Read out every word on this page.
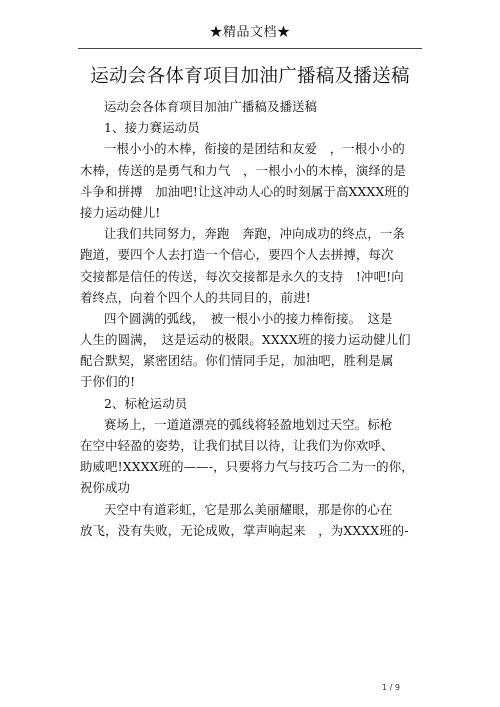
★精品文档★
运动会各体育项目加油广播稿及播送稿
运动会各体育项目加油广播稿及播送稿
1、接力赛运动员
一根小小的木棒，衔接的是团结和友爱　，一根小小的
木棒，传送的是勇气和力气　，一根小小的木棒，演绎的是
斗争和拼搏　加油吧!让这冲动人心的时刻属于高XXXX班的
接力运动健儿!
让我们共同努力，奔跑　奔跑，冲向成功的终点，一条
跑道，要四个人去打造一个信心，要四个人去拼搏，每次
交接都是信任的传送，每次交接都是永久的支持　!冲吧!向
着终点，向着个四个人的共同目的，前进!
四个圆满的弧线，　被一根小小的接力棒衔接。　这是
人生的圆满，　这是运动的极限。XXXX班的接力运动健儿们
配合默契，紧密团结。你们情同手足，加油吧，胜利是属
于你们的!
2、标枪运动员
赛场上，一道道漂亮的弧线将轻盈地划过天空。标枪
在空中轻盈的姿势，让我们拭目以待，让我们为你欢呼、
助威吧!XXXX班的——-，只要将力气与技巧合二为一的你，
祝你成功
天空中有道彩虹，它是那么美丽耀眼，那是你的心在
放飞，没有失败，无论成败，掌声响起来　，为XXXX班的-
1 / 9
